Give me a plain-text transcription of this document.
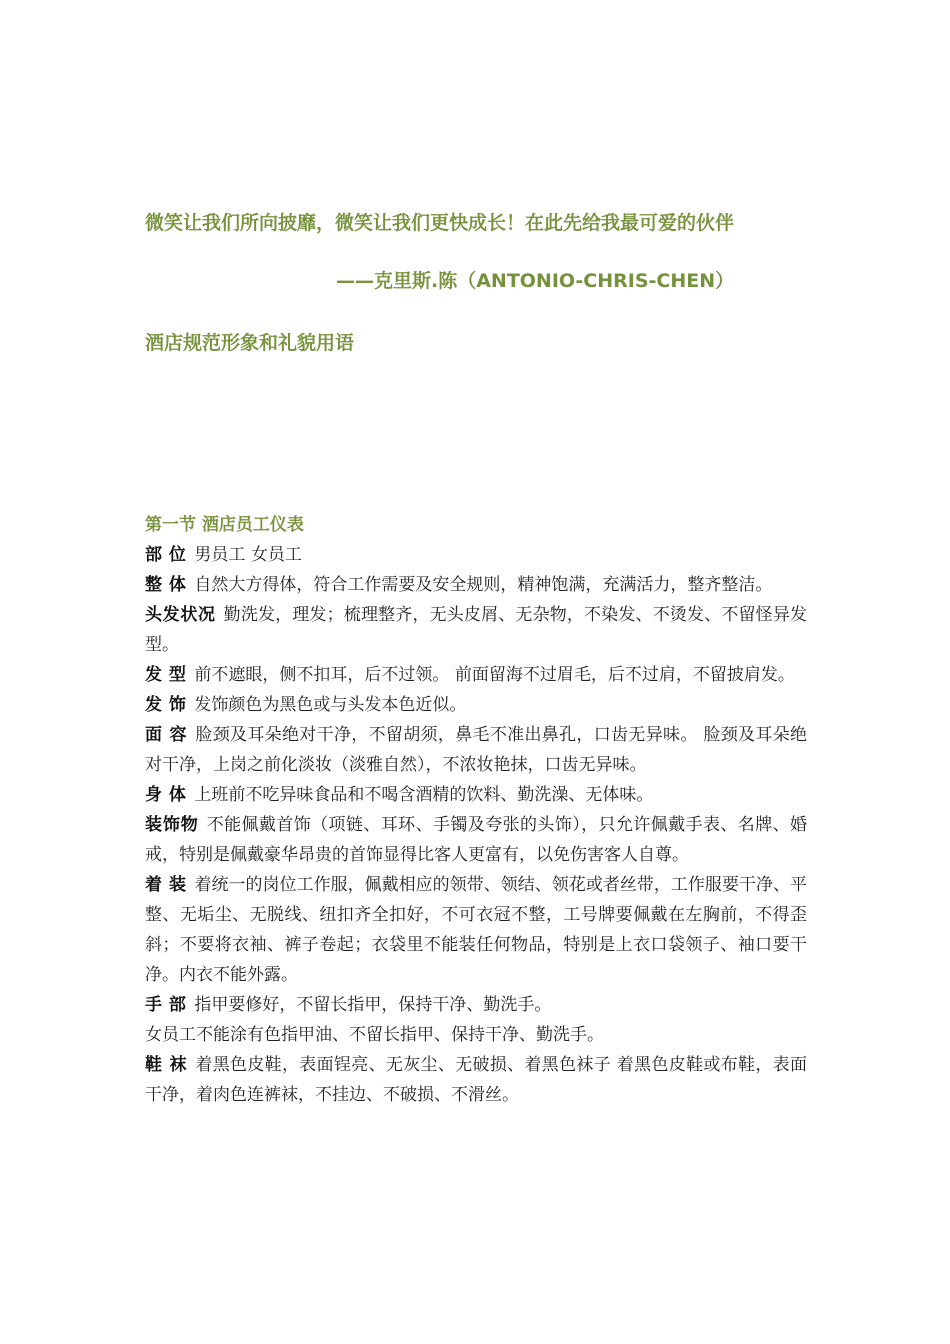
微笑让我们所向披靡，微笑让我们更快成长！在此先给我最可爱的伙伴

——克里斯.陈（ANTONIO-CHRIS-CHEN）

酒店规范形象和礼貌用语
第一节 酒店员工仪表

部 位 男员工 女员工

整 体 自然大方得体，符合工作需要及安全规则，精神饱满，充满活力，整齐整洁。

头发状况 勤洗发，理发；梳理整齐，无头皮屑、无杂物，不染发、不烫发、不留怪异发型。

发 型 前不遮眼，侧不扣耳，后不过领。 前面留海不过眉毛，后不过肩，不留披肩发。

发 饰 发饰颜色为黑色或与头发本色近似。

面 容 脸颈及耳朵绝对干净，不留胡须，鼻毛不准出鼻孔，口齿无异味。 脸颈及耳朵绝对干净，上岗之前化淡妆（淡雅自然），不浓妆艳抹，口齿无异味。

身 体 上班前不吃异味食品和不喝含酒精的饮料、勤洗澡、无体味。

装饰物 不能佩戴首饰（项链、耳环、手镯及夸张的头饰），只允许佩戴手表、名牌、婚戒，特别是佩戴豪华昂贵的首饰显得比客人更富有，以免伤害客人自尊。

着 装 着统一的岗位工作服，佩戴相应的领带、领结、领花或者丝带，工作服要干净、平整、无垢尘、无脱线、纽扣齐全扣好，不可衣冠不整，工号牌要佩戴在左胸前，不得歪斜；不要将衣袖、裤子卷起；衣袋里不能装任何物品，特别是上衣口袋领子、袖口要干净。内衣不能外露。

手 部 指甲要修好，不留长指甲，保持干净、勤洗手。

女员工不能涂有色指甲油、不留长指甲、保持干净、勤洗手。

鞋 袜 着黑色皮鞋，表面锃亮、无灰尘、无破损、着黑色袜子 着黑色皮鞋或布鞋，表面干净，着肉色连裤袜，不挂边、不破损、不滑丝。
